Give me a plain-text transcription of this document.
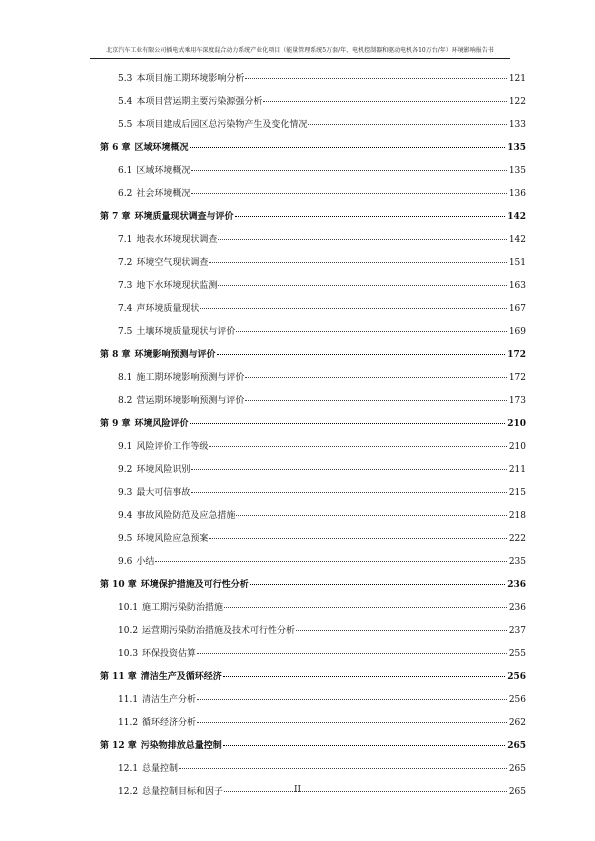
北京汽车工业有限公司插电式乘用车深度混合动力系统产业化项目（能量管理系统5万套/年、电机控制器和驱动电机各10万台/年）环境影响报告书
5.3 本项目施工期环境影响分析	121
5.4 本项目营运期主要污染源强分析	122
5.5 本项目建成后园区总污染物产生及变化情况	133
第 6 章 区域环境概况	135
6.1 区域环境概况	135
6.2 社会环境概况	136
第 7 章 环境质量现状调查与评价	142
7.1 地表水环境现状调查	142
7.2 环境空气现状调查	151
7.3 地下水环境现状监测	163
7.4 声环境质量现状	167
7.5 土壤环境质量现状与评价	169
第 8 章 环境影响预测与评价	172
8.1 施工期环境影响预测与评价	172
8.2 营运期环境影响预测与评价	173
第 9 章 环境风险评价	210
9.1 风险评价工作等级	210
9.2 环境风险识别	211
9.3 最大可信事故	215
9.4 事故风险防范及应急措施	218
9.5 环境风险应急预案	222
9.6 小结	235
第 10 章 环境保护措施及可行性分析	236
10.1 施工期污染防治措施	236
10.2 运营期污染防治措施及技术可行性分析	237
10.3 环保投资估算	255
第 11 章 清洁生产及循环经济	256
11.1 清洁生产分析	256
11.2 循环经济分析	262
第 12 章 污染物排放总量控制	265
12.1 总量控制	265
12.2 总量控制目标和因子	265
II
